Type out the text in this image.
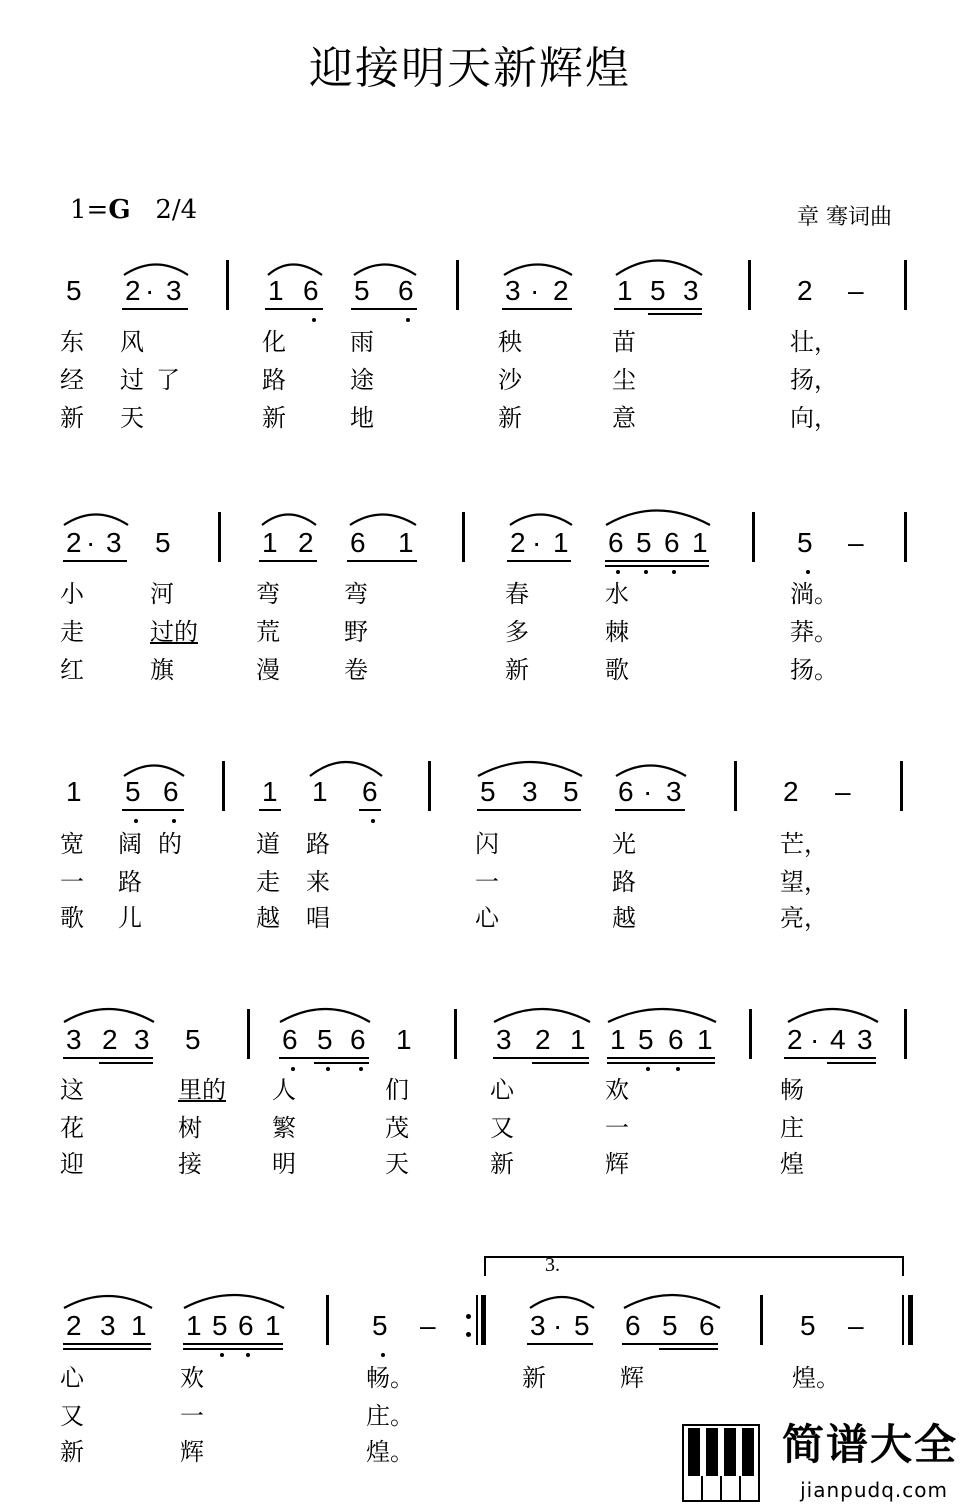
迎接明天新辉煌
1=G 2/4	章 骞词曲
5 2 · 3	1 6 5 6	3 · 2 1 5 3	2 –
东 风	化	雨	秧	苗	壮，
经 过了	路	途	沙	尘	扬，
新 天	新	地	新	意	向，
2 · 3 5	1 2 6 1	2 · 1 6 5 6 1	5 –
小	河	弯	弯	春	水	淌。
走	过的 荒	野	多	棘	莽。
红	旗	漫	卷	新	歌	扬。
1 5 6	1 1 6	5 3 5 6 · 3	2 –
宽 阔 的	道 路	闪	光	芒，
一 路	走 来	一	路	望，
歌 儿	越 唱	心	越	亮，
3 2 3 5	6 5 6 1	3 2 1 1 5 6 1	2 · 4 3
这	里的 人	们	心	欢	畅
花	树	繁	茂	又	一	庄
迎	接	明	天	新	辉	煌
3.
2 3 1 1 5 6 1	5 –	3 · 5 6 5 6	5 –
心	欢	畅。	新	辉	煌。
又	一	庄。
新	辉	煌。	简谱大全
jianpudq.com
